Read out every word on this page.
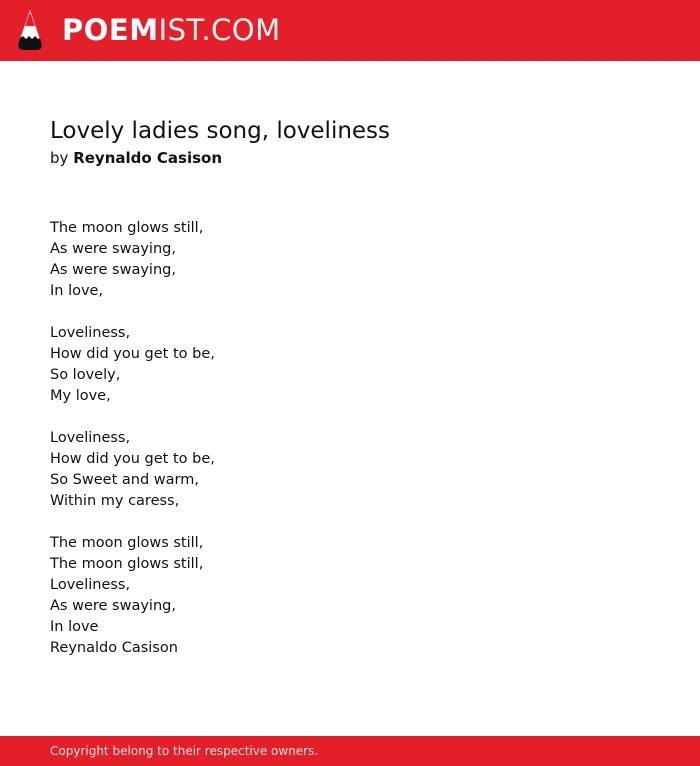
POEMIST.COM
Lovely ladies song, loveliness
by Reynaldo Casison
The moon glows still,
As were swaying,
As were swaying,
In love,
Loveliness,
How did you get to be,
So lovely,
My love,
Loveliness,
How did you get to be,
So Sweet and warm,
Within my caress,
The moon glows still,
The moon glows still,
Loveliness,
As were swaying,
In love
Reynaldo Casison
Copyright belong to their respective owners.
